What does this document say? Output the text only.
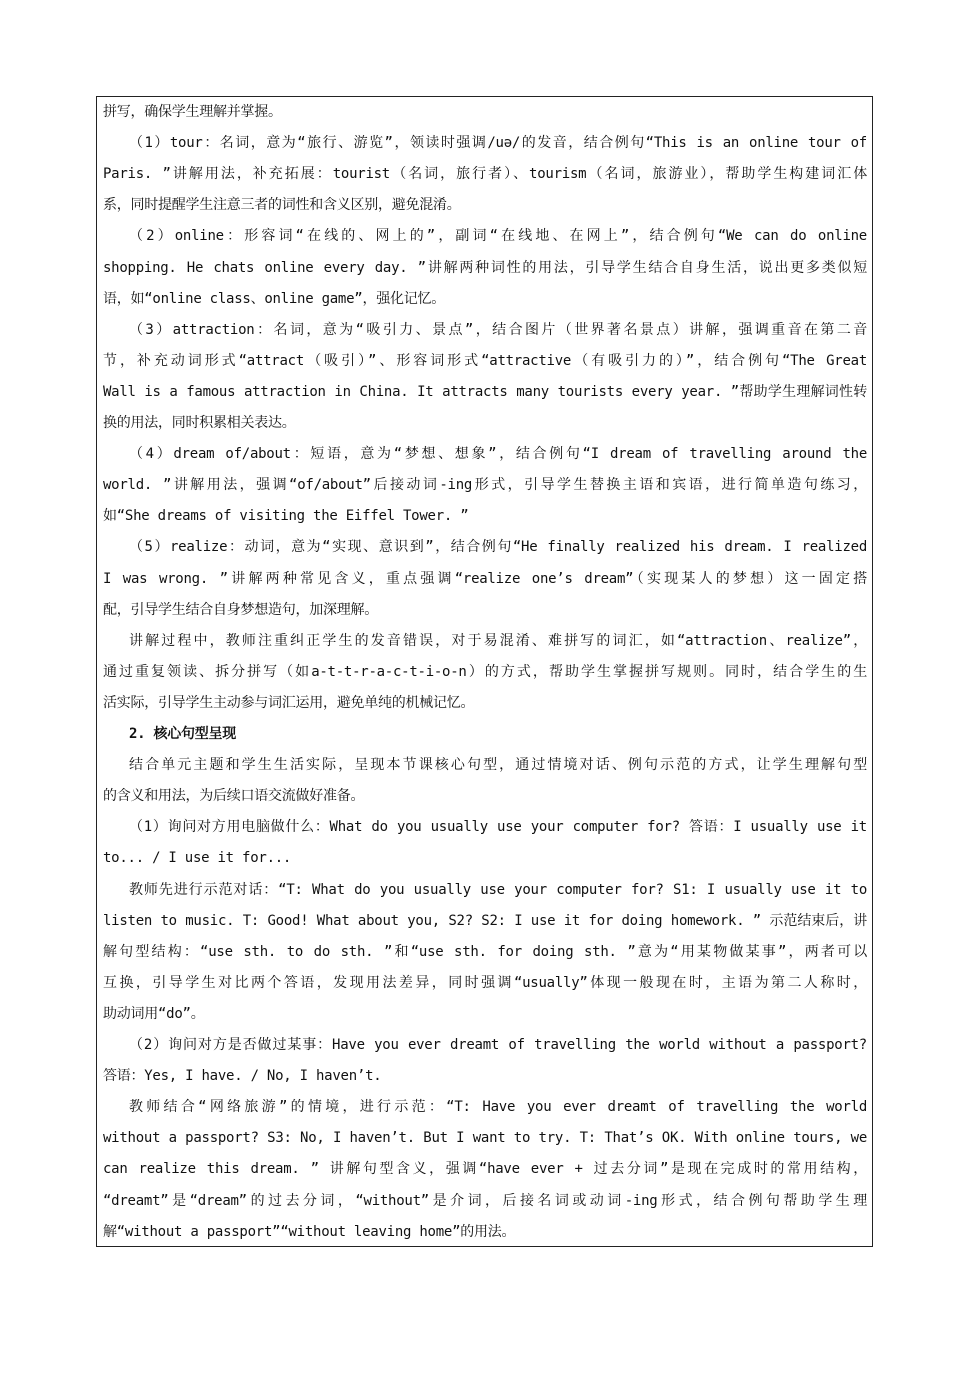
拼写，确保学生理解并掌握。
（1）tour：名词，意为“旅行、游览”，领读时强调/uə/的发音，结合例句“This is an online tour of
Paris. ”讲解用法，补充拓展：tourist（名词，旅行者）、tourism（名词，旅游业），帮助学生构建词汇体
系，同时提醒学生注意三者的词性和含义区别，避免混淆。
（2）online：形容词“在线的、网上的”，副词“在线地、在网上”，结合例句“We can do online
shopping. He chats online every day. ”讲解两种词性的用法，引导学生结合自身生活，说出更多类似短
语，如“online class、online game”，强化记忆。
（3）attraction：名词，意为“吸引力、景点”，结合图片（世界著名景点）讲解，强调重音在第二音
节，补充动词形式“attract（吸引）”、形容词形式“attractive（有吸引力的）”，结合例句“The Great
Wall is a famous attraction in China. It attracts many tourists every year. ”帮助学生理解词性转
换的用法，同时积累相关表达。
（4）dream of/about：短语，意为“梦想、想象”，结合例句“I dream of travelling around the
world. ”讲解用法，强调“of/about”后接动词-ing形式，引导学生替换主语和宾语，进行简单造句练习，
如“She dreams of visiting the Eiffel Tower. ”
（5）realize：动词，意为“实现、意识到”，结合例句“He finally realized his dream. I realized
I was wrong. ”讲解两种常见含义，重点强调“realize one’s dream”（实现某人的梦想）这一固定搭
配，引导学生结合自身梦想造句，加深理解。
讲解过程中，教师注重纠正学生的发音错误，对于易混淆、难拼写的词汇，如“attraction、realize”，
通过重复领读、拆分拼写（如a-t-t-r-a-c-t-i-o-n）的方式，帮助学生掌握拼写规则。同时，结合学生的生
活实际，引导学生主动参与词汇运用，避免单纯的机械记忆。
2. 核心句型呈现
结合单元主题和学生生活实际，呈现本节课核心句型，通过情境对话、例句示范的方式，让学生理解句型
的含义和用法，为后续口语交流做好准备。
（1）询问对方用电脑做什么：What do you usually use your computer for? 答语：I usually use it
to... / I use it for...
教师先进行示范对话：“T: What do you usually use your computer for? S1: I usually use it to
listen to music. T: Good! What about you, S2? S2: I use it for doing homework. ” 示范结束后，讲
解句型结构：“use sth. to do sth. ”和“use sth. for doing sth. ”意为“用某物做某事”，两者可以
互换，引导学生对比两个答语，发现用法差异，同时强调“usually”体现一般现在时，主语为第二人称时，
助动词用“do”。
（2）询问对方是否做过某事：Have you ever dreamt of travelling the world without a passport?
答语：Yes, I have. / No, I haven’t.
教师结合“网络旅游”的情境，进行示范：“T: Have you ever dreamt of travelling the world
without a passport? S3: No, I haven’t. But I want to try. T: That’s OK. With online tours, we
can realize this dream. ” 讲解句型含义，强调“have ever + 过去分词”是现在完成时的常用结构，
“dreamt”是“dream”的过去分词，“without”是介词，后接名词或动词-ing形式，结合例句帮助学生理
解“without a passport”“without leaving home”的用法。
